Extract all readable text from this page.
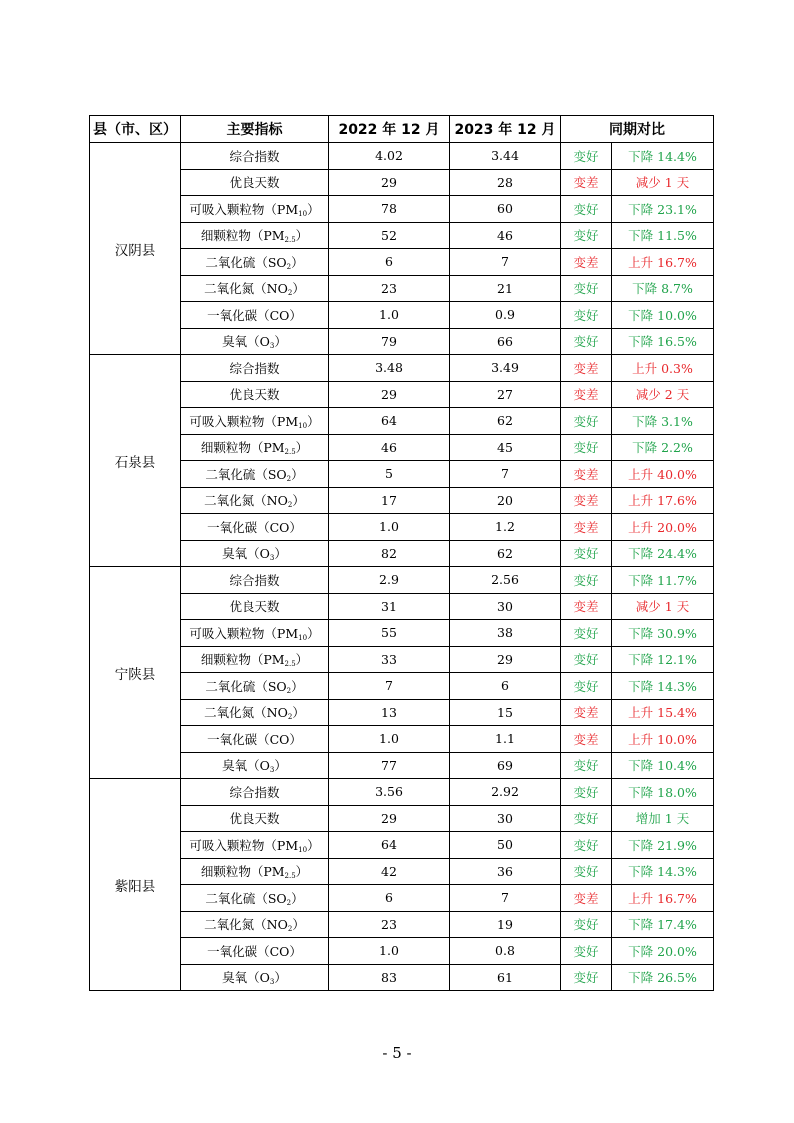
县（市、区）	主要指标	2022 年 12 月	2023 年 12 月	同期对比	
汉阴县	综合指数	4.02	3.44	变好	下降 14.4%
	优良天数	29	28	变差	减少 1 天
	可吸入颗粒物$(PM_{10})$	78	60	变好	下降 23.1%
	细颗粒物$(PM_{2.5})$	52	46	变好	下降 11.5%
	二氧化硫$(SO_2)$	6	7	变差	上升 16.7%
	二氧化氮$(NO_2)$	23	21	变好	下降 8.7%
	一氧化碳（CO）	1.0	0.9	变好	下降 10.0%
	臭氧$(O_3)$	79	66	变好	下降 16.5%
石泉县	综合指数	3.48	3.49	变差	上升 0.3%
	优良天数	29	27	变差	减少 2 天
	可吸入颗粒物$(PM_{10})$	64	62	变好	下降 3.1%
	细颗粒物$(PM_{2.5})$	46	45	变好	下降 2.2%
	二氧化硫$(SO_2)$	5	7	变差	上升 40.0%
	二氧化氮$(NO_2)$	17	20	变差	上升 17.6%
	一氧化碳（CO）	1.0	1.2	变差	上升 20.0%
	臭氧$(O_3)$	82	62	变好	下降 24.4%
宁陕县	综合指数	2.9	2.56	变好	下降 11.7%
	优良天数	31	30	变差	减少 1 天
	可吸入颗粒物$(PM_{10})$	55	38	变好	下降 30.9%
	细颗粒物$(PM_{2.5})$	33	29	变好	下降 12.1%
	二氧化硫$(SO_2)$	7	6	变好	下降 14.3%
	二氧化氮$(NO_2)$	13	15	变差	上升 15.4%
	一氧化碳（CO）	1.0	1.1	变差	上升 10.0%
	臭氧$(O_3)$	77	69	变好	下降 10.4%
紫阳县	综合指数	3.56	2.92	变好	下降 18.0%
	优良天数	29	30	变好	增加 1 天
	可吸入颗粒物$(PM_{10})$	64	50	变好	下降 21.9%
	细颗粒物$(PM_{2.5})$	42	36	变好	下降 14.3%
	二氧化硫$(SO_2)$	6	7	变差	上升 16.7%
	二氧化氮$(NO_2)$	23	19	变好	下降 17.4%
	一氧化碳（CO）	1.0	0.8	变好	下降 20.0%
	臭氧$(O_3)$	83	61	变好	下降 26.5%
- 5 -
